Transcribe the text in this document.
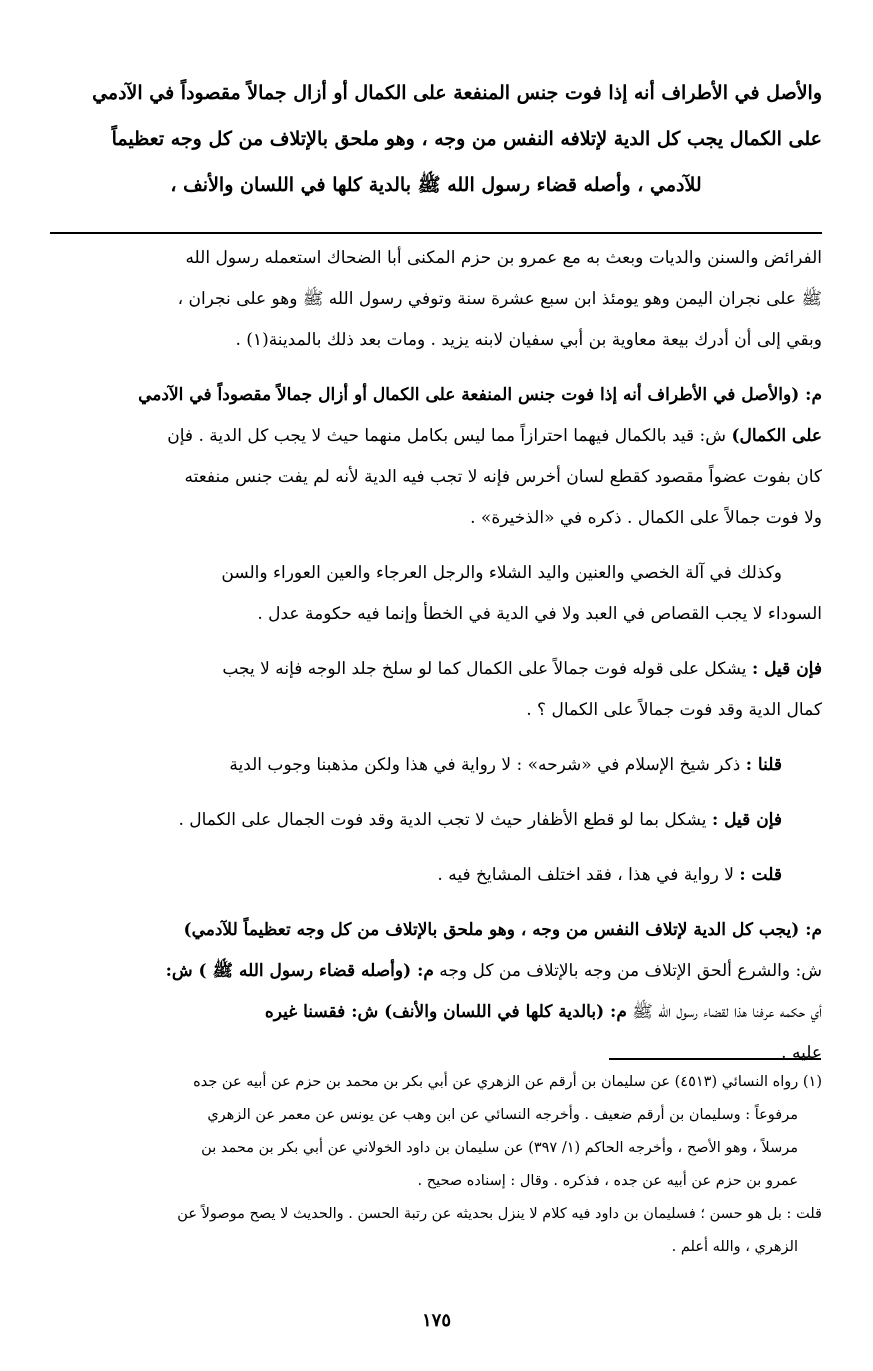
والأصل في الأطراف أنه إذا فوت جنس المنفعة على الكمال أو أزال جمالاً مقصوداً في الآدمي
على الكمال يجب كل الدية لإتلافه النفس من وجه ، وهو ملحق بالإتلاف من كل وجه تعظيماً
للآدمي ، وأصله قضاء رسول الله ﷺ بالدية كلها في اللسان والأنف ،
الفرائض والسنن والديات وبعث به مع عمرو بن حزم المكنى أبا الضحاك استعمله رسول الله
ﷺ على نجران اليمن وهو يومئذ ابن سبع عشرة سنة وتوفي رسول الله ﷺ وهو على نجران ،
وبقي إلى أن أدرك بيعة معاوية بن أبي سفيان لابنه يزيد . ومات بعد ذلك بالمدينة(١) .
م: (والأصل في الأطراف أنه إذا فوت جنس المنفعة على الكمال أو أزال جمالاً مقصوداً في الآدمي
على الكمال) ش: قيد بالكمال فيهما احترازاً مما ليس بكامل منهما حيث لا يجب كل الدية . فإن
كان بفوت عضواً مقصود كقطع لسان أخرس فإنه لا تجب فيه الدية لأنه لم يفت جنس منفعته
ولا فوت جمالاً على الكمال . ذكره في «الذخيرة» .
وكذلك في آلة الخصي والعنين واليد الشلاء والرجل العرجاء والعين العوراء والسن
السوداء لا يجب القصاص في العبد ولا في الدية في الخطأ وإنما فيه حكومة عدل .
فإن قيل : يشكل على قوله فوت جمالاً على الكمال كما لو سلخ جلد الوجه فإنه لا يجب
كمال الدية وقد فوت جمالاً على الكمال ؟ .
قلنا : ذكر شيخ الإسلام في «شرحه» : لا رواية في هذا ولكن مذهبنا وجوب الدية
فإن قيل : يشكل بما لو قطع الأظفار حيث لا تجب الدية وقد فوت الجمال على الكمال .
قلت : لا رواية في هذا ، فقد اختلف المشايخ فيه .
م: (يجب كل الدية لإتلاف النفس من وجه ، وهو ملحق بالإتلاف من كل وجه تعظيماً للآدمي)
ش: والشرع ألحق الإتلاف من وجه بالإتلاف من كل وجه م: (وأصله قضاء رسول الله ﷺ ) ش:
أي حكمه عرفنا هذا لقضاء رسول الله ﷺ م: (بالدية كلها في اللسان والأنف) ش: فقسنا غيره
عليه .
(١) رواه النسائي (٤٥١٣) عن سليمان بن أرقم عن الزهري عن أبي بكر بن محمد بن حزم عن أبيه عن جده
مرفوعاً : وسليمان بن أرقم ضعيف . وأخرجه النسائي عن ابن وهب عن يونس عن معمر عن الزهري
مرسلاً ، وهو الأصح ، وأخرجه الحاكم (١/ ٣٩٧) عن سليمان بن داود الخولاني عن أبي بكر بن محمد بن
عمرو بن حزم عن أبيه عن جده ، فذكره . وقال : إسناده صحيح .
قلت : بل هو حسن ؛ فسليمان بن داود فيه كلام لا ينزل بحديثه عن رتبة الحسن . والحديث لا يصح موصولاً عن
الزهري ، والله أعلم .
١٧٥
